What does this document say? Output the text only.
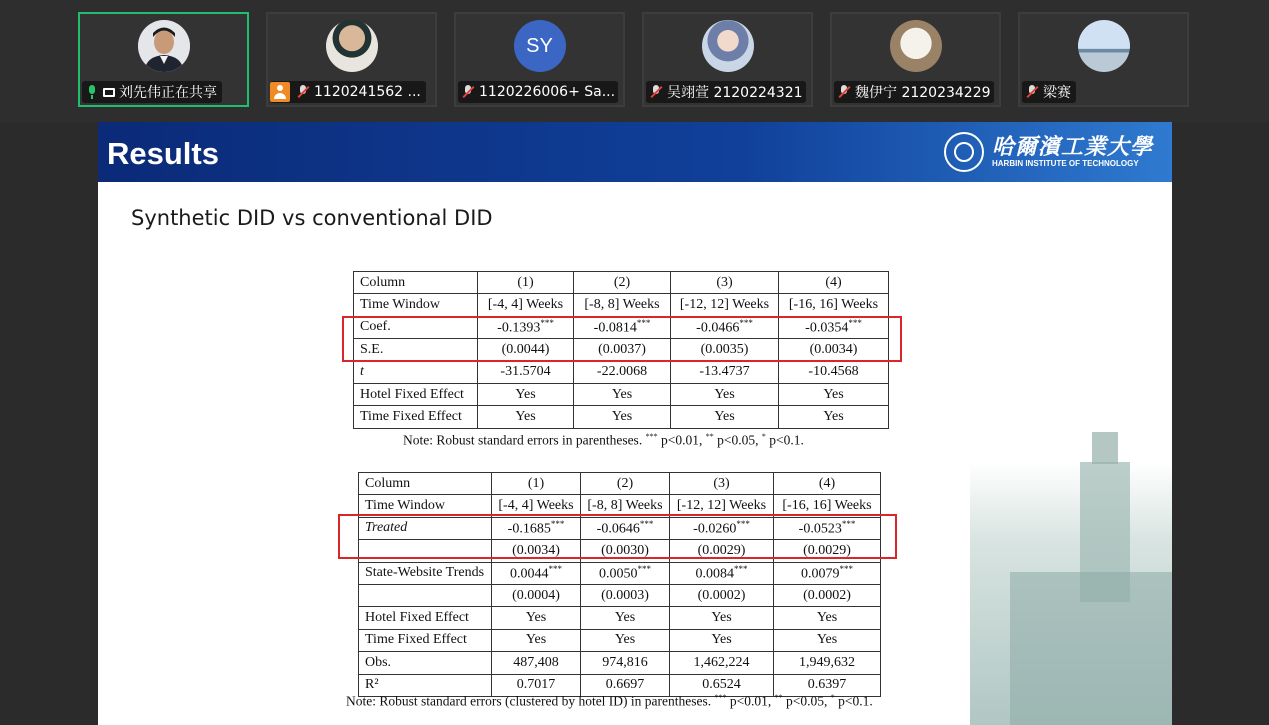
刘先伟正在共享	1120241562 ...
SY
1120226006+ Sa...	吴翊萱 2120224321	魏伊宁 2120234229	梁赛
Results	哈爾濱工業大學
HARBIN INSTITUTE OF TECHNOLOGY
Synthetic DID vs conventional DID
Column	(1)	(2)	(3)	(4)
Time Window	[-4, 4] Weeks	[-8, 8] Weeks	[-12, 12] Weeks	[-16, 16] Weeks
Coef.	-0.1393***	-0.0814***	-0.0466***	-0.0354***
S.E.	(0.0044)	(0.0037)	(0.0035)	(0.0034)
t	-31.5704	-22.0068	-13.4737	-10.4568
Hotel Fixed Effect	Yes	Yes	Yes	Yes
Time Fixed Effect	Yes	Yes	Yes	Yes
Note: Robust standard errors in parentheses. *** p<0.01, ** p<0.05, * p<0.1.
Column	(1)	(2)	(3)	(4)
Time Window	[-4, 4] Weeks	[-8, 8] Weeks	[-12, 12] Weeks	[-16, 16] Weeks
Treated	-0.1685***	-0.0646***	-0.0260***	-0.0523***
	(0.0034)	(0.0030)	(0.0029)	(0.0029)
State-Website Trends	0.0044***	0.0050***	0.0084***	0.0079***
	(0.0004)	(0.0003)	(0.0002)	(0.0002)
Hotel Fixed Effect	Yes	Yes	Yes	Yes
Time Fixed Effect	Yes	Yes	Yes	Yes
Obs.	487,408	974,816	1,462,224	1,949,632
R²	0.7017	0.6697	0.6524	0.6397
Note: Robust standard errors (clustered by hotel ID) in parentheses. *** p<0.01, ** p<0.05, * p<0.1.
